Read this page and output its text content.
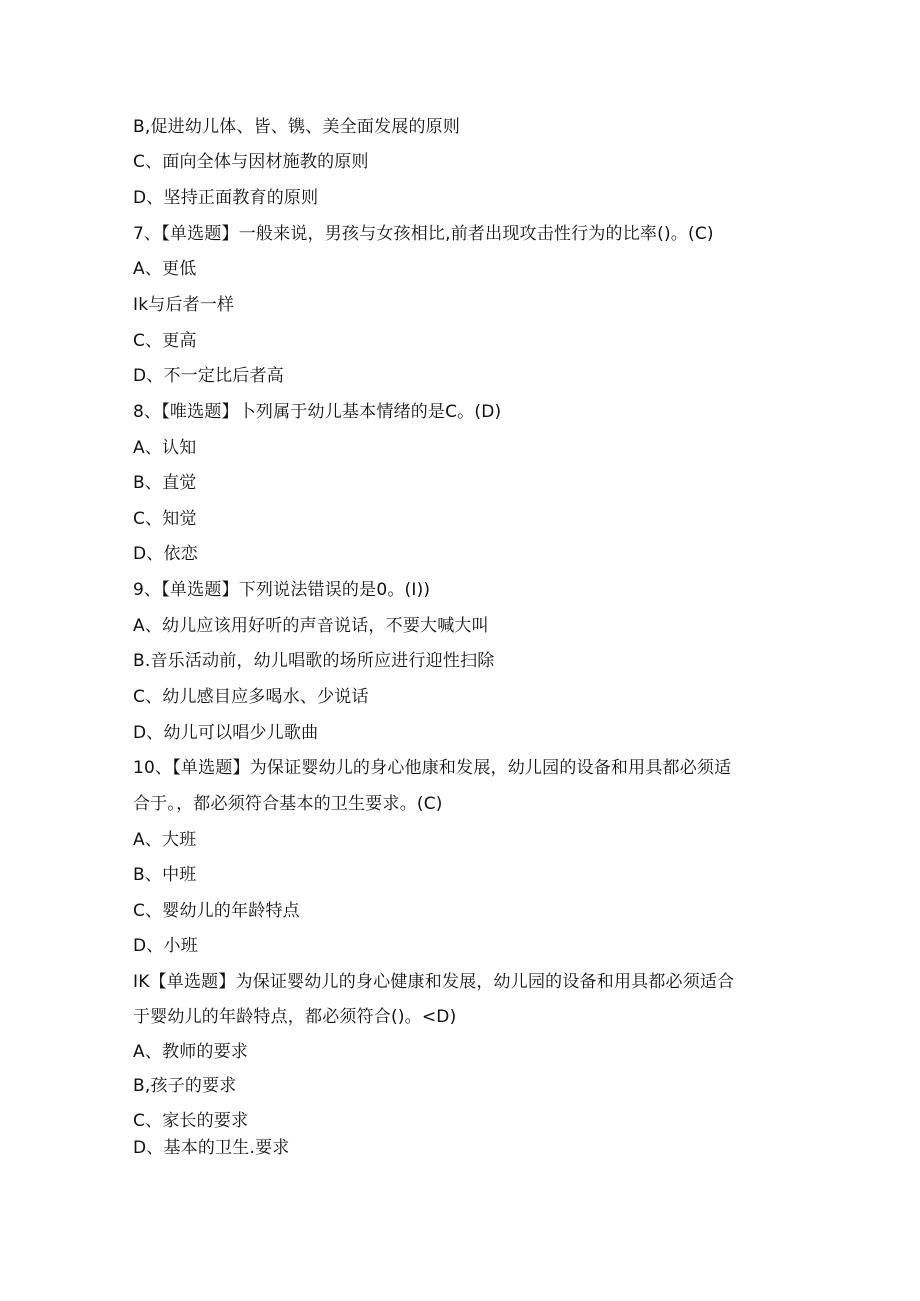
B,促进幼儿体、皆、镌、美全面发展的原则
C、面向全体与因材施教的原则
D、坚持正面教育的原则
7、【单选题】一般来说，男孩与女孩相比,前者出现攻击性行为的比率()。(C)
A、更低
Ik与后者一样
C、更高
D、不一定比后者高
8、【唯选题】卜列属于幼儿基本情绪的是C。(D)
A、认知
B、直觉
C、知觉
D、依恋
9、【单选题】下列说法错误的是0。(I))
A、幼儿应该用好听的声音说话，不要大喊大叫
B.音乐活动前，幼儿唱歌的场所应进行迎性扫除
C、幼儿感目应多喝水、少说话
D、幼儿可以唱少儿歌曲
10、【单选题】为保证婴幼儿的身心他康和发展，幼儿园的设备和用具都必须适
合于。，都必须符合基本的卫生要求。(C)
A、大班
B、中班
C、婴幼儿的年龄特点
D、小班
IK【单选题】为保证婴幼儿的身心健康和发展，幼儿园的设备和用具都必须适合
于婴幼儿的年龄特点，都必须符合()。<D)
A、教师的要求
B,孩子的要求
C、家长的要求
D、基本的卫生.要求
